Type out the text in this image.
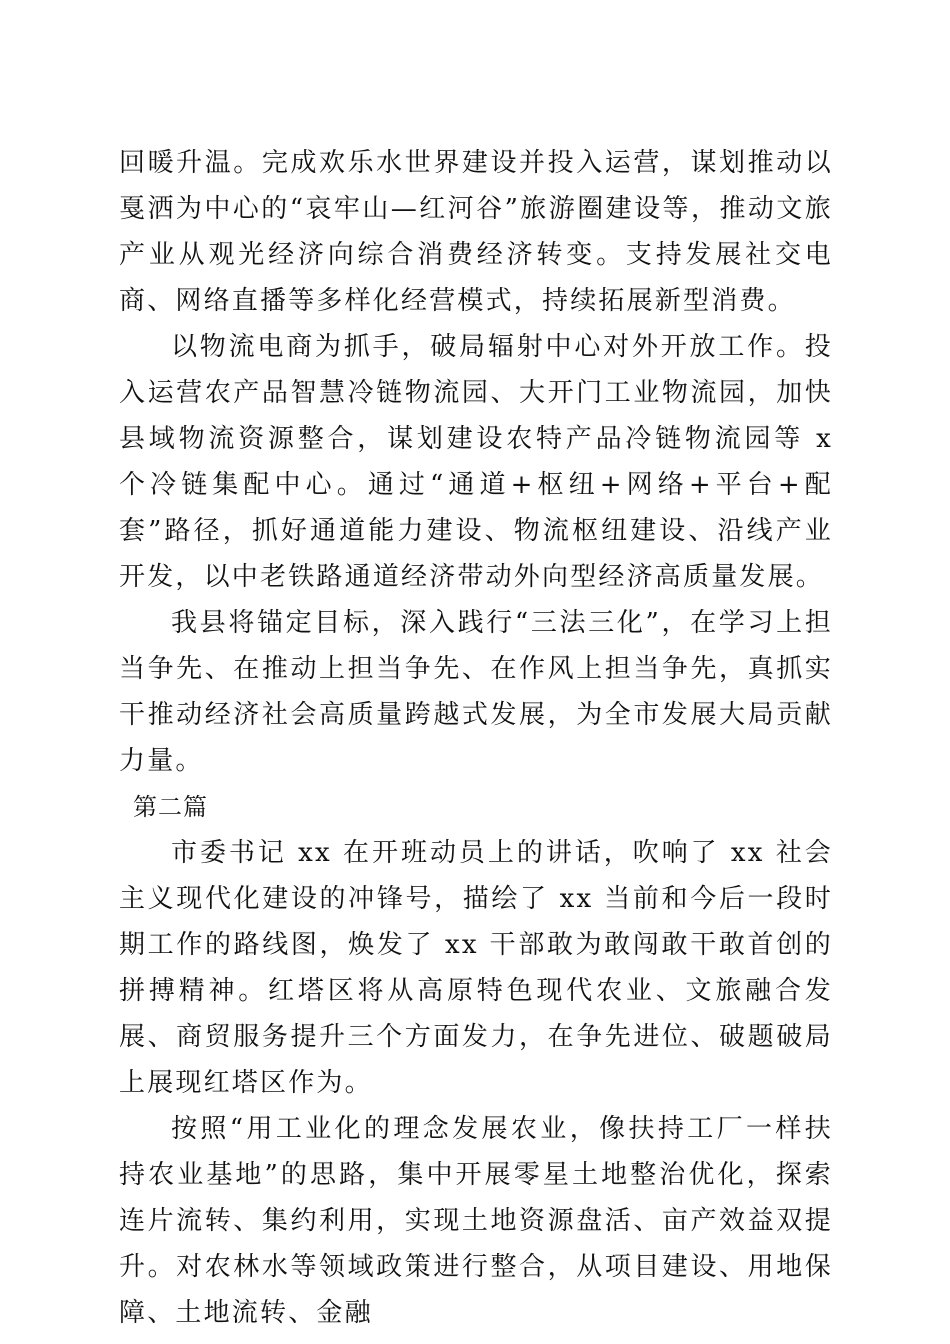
回暖升温。完成欢乐水世界建设并投入运营，谋划推动以戛洒为中心的“哀牢山—红河谷”旅游圈建设等，推动文旅产业从观光经济向综合消费经济转变。支持发展社交电商、网络直播等多样化经营模式，持续拓展新型消费。

以物流电商为抓手，破局辐射中心对外开放工作。投入运营农产品智慧冷链物流园、大开门工业物流园，加快县域物流资源整合，谋划建设农特产品冷链物流园等 x 个冷链集配中心。通过“通道+枢纽+网络+平台+配套”路径，抓好通道能力建设、物流枢纽建设、沿线产业开发，以中老铁路通道经济带动外向型经济高质量发展。

我县将锚定目标，深入践行“三法三化”，在学习上担当争先、在推动上担当争先、在作风上担当争先，真抓实干推动经济社会高质量跨越式发展，为全市发展大局贡献力量。

第二篇

市委书记 xx 在开班动员上的讲话，吹响了 xx 社会主义现代化建设的冲锋号，描绘了 xx 当前和今后一段时期工作的路线图，焕发了 xx 干部敢为敢闯敢干敢首创的拼搏精神。红塔区将从高原特色现代农业、文旅融合发展、商贸服务提升三个方面发力，在争先进位、破题破局上展现红塔区作为。

按照“用工业化的理念发展农业，像扶持工厂一样扶持农业基地”的思路，集中开展零星土地整治优化，探索连片流转、集约利用，实现土地资源盘活、亩产效益双提升。对农林水等领域政策进行整合，从项目建设、用地保障、土地流转、金融
